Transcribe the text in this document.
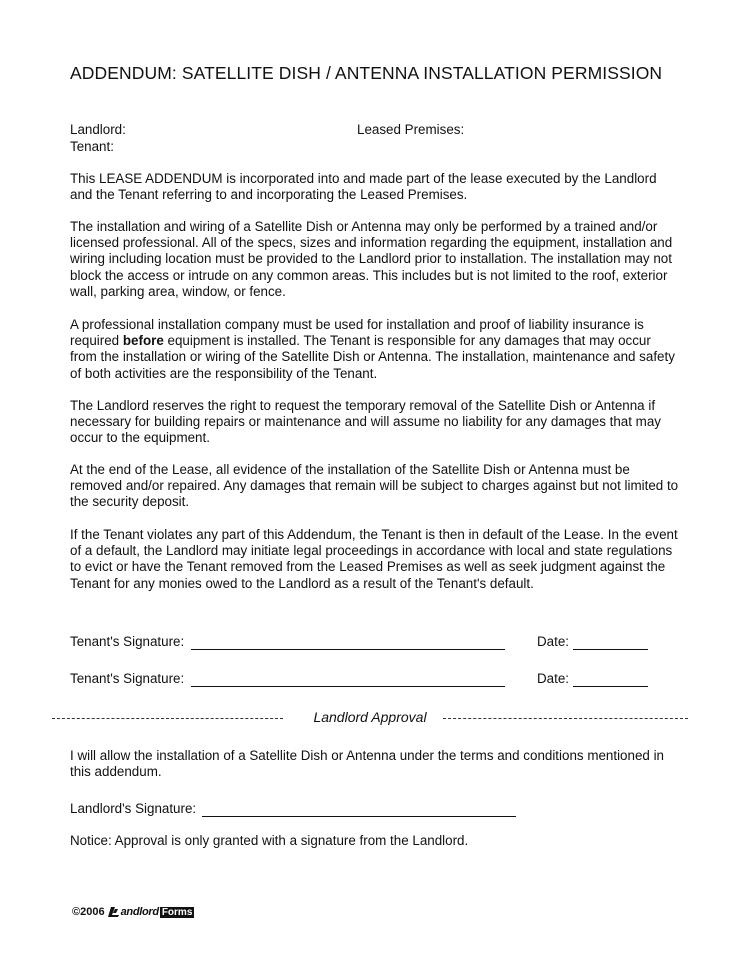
ADDENDUM: SATELLITE DISH / ANTENNA INSTALLATION PERMISSION
Landlord:	Leased Premises:
Tenant:
This LEASE ADDENDUM is incorporated into and made part of the lease executed by the Landlord and the Tenant referring to and incorporating the Leased Premises.
The installation and wiring of a Satellite Dish or Antenna may only be performed by a trained and/or licensed professional. All of the specs, sizes and information regarding the equipment, installation and wiring including location must be provided to the Landlord prior to installation. The installation may not block the access or intrude on any common areas. This includes but is not limited to the roof, exterior wall, parking area, window, or fence.
A professional installation company must be used for installation and proof of liability insurance is required before equipment is installed. The Tenant is responsible for any damages that may occur from the installation or wiring of the Satellite Dish or Antenna. The installation, maintenance and safety of both activities are the responsibility of the Tenant.
The Landlord reserves the right to request the temporary removal of the Satellite Dish or Antenna if necessary for building repairs or maintenance and will assume no liability for any damages that may occur to the equipment.
At the end of the Lease, all evidence of the installation of the Satellite Dish or Antenna must be removed and/or repaired. Any damages that remain will be subject to charges against but not limited to the security deposit.
If the Tenant violates any part of this Addendum, the Tenant is then in default of the Lease. In the event of a default, the Landlord may initiate legal proceedings in accordance with local and state regulations to evict or have the Tenant removed from the Leased Premises as well as seek judgment against the Tenant for any monies owed to the Landlord as a result of the Tenant's default.
Tenant's Signature:	Date:
Tenant's Signature:	Date:
Landlord Approval
I will allow the installation of a Satellite Dish or Antenna under the terms and conditions mentioned in this addendum.
Landlord's Signature:
Notice: Approval is only granted with a signature from the Landlord.
©2006 andlord Forms
